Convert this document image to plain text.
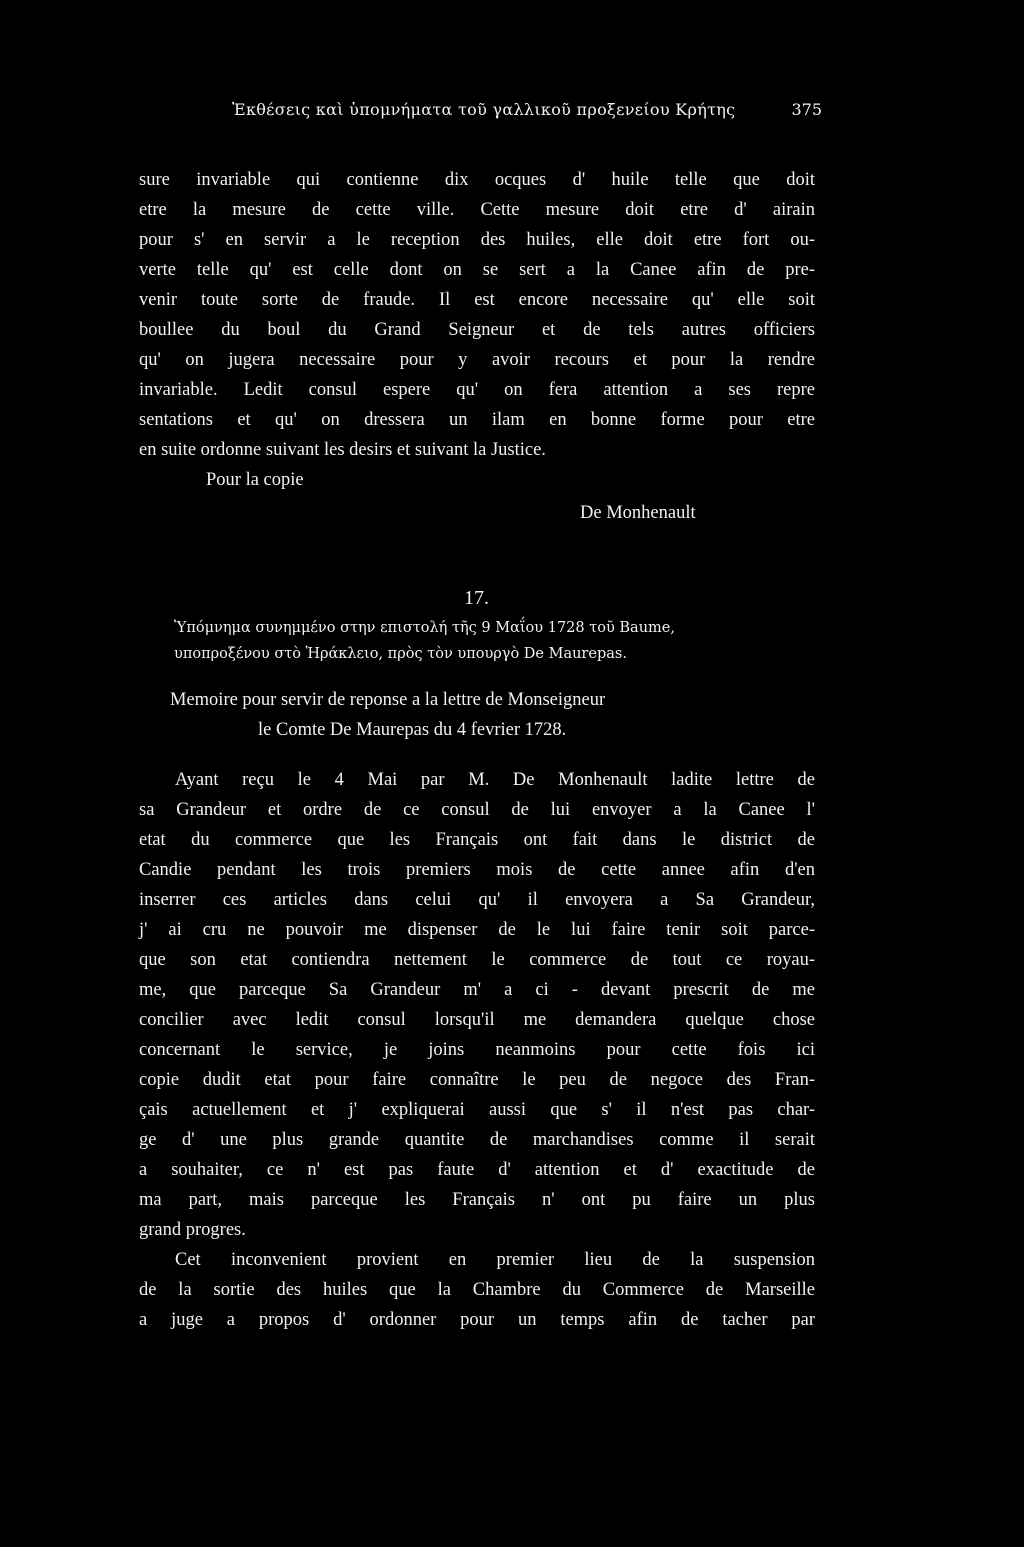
Ἐκθέσεις καὶ ὑπομνήματα τοῦ γαλλικοῦ προξενείου Κρήτης	375
sure invariable qui contienne dix ocques d' huile telle que doit
etre la mesure de cette ville. Cette mesure doit etre d' airain
pour s' en servir a le reception des huiles, elle doit etre fort ou-
verte telle qu' est celle dont on se sert a la Canee afin de pre-
venir toute sorte de fraude. Il est encore necessaire qu' elle soit
boullee du boul du Grand Seigneur et de tels autres officiers
qu' on jugera necessaire pour y avoir recours et pour la rendre
invariable. Ledit consul espere qu' on fera attention a ses repre
sentations et qu' on dressera un ilam en bonne forme pour etre
en suite ordonne suivant les desirs et suivant la Justice.
Pour la copie
De Monhenault
17.
Ὑπόμνημα συνημμένο στην επιστολή τῆς 9 Μαΐου 1728 τοῦ Baume,
υποπροξένου στὸ Ἡράκλειο, πρὸς τὸν υπουργὸ De Maurepas.
Memoire pour servir de reponse a la lettre de Monseigneur
le Comte De Maurepas du 4 fevrier 1728.
Ayant reçu le 4 Mai par M. De Monhenault ladite lettre de
sa Grandeur et ordre de ce consul de lui envoyer a la Canee l'
etat du commerce que les Français ont fait dans le district de
Candie pendant les trois premiers mois de cette annee afin d'en
inserrer ces articles dans celui qu' il envoyera a Sa Grandeur,
j' ai cru ne pouvoir me dispenser de le lui faire tenir soit parce-
que son etat contiendra nettement le commerce de tout ce royau-
me, que parceque Sa Grandeur m' a ci - devant prescrit de me
concilier avec ledit consul lorsqu'il me demandera quelque chose
concernant le service, je joins neanmoins pour cette fois ici
copie dudit etat pour faire connaître le peu de negoce des Fran-
çais actuellement et j' expliquerai aussi que s' il n'est pas char-
ge d' une plus grande quantite de marchandises comme il serait
a souhaiter, ce n' est pas faute d' attention et d' exactitude de
ma part, mais parceque les Français n' ont pu faire un plus
grand progres.
Cet inconvenient provient en premier lieu de la suspension
de la sortie des huiles que la Chambre du Commerce de Marseille
a juge a propos d' ordonner pour un temps afin de tacher par
